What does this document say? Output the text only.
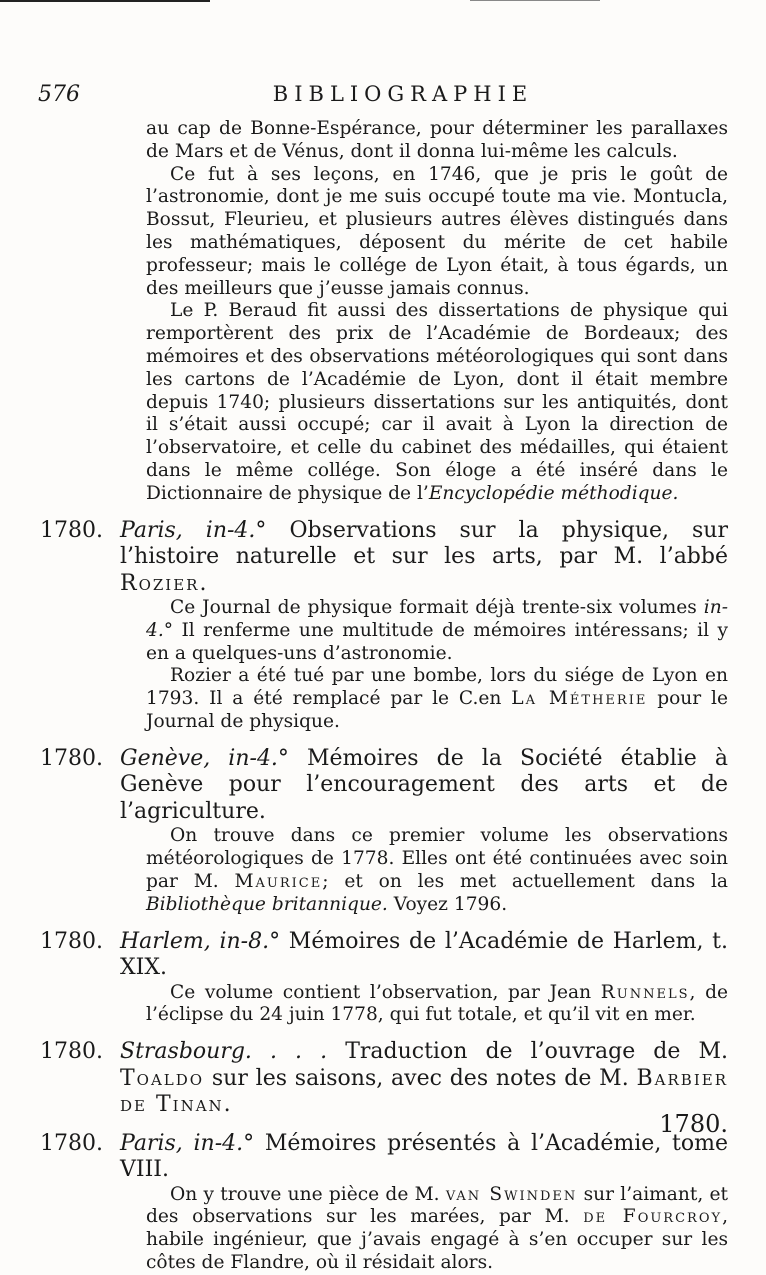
576	BIBLIOGRAPHIE

au cap de Bonne-Espérance, pour déterminer les parallaxes de Mars et de Vénus, dont il donna lui-même les calculs.

Ce fut à ses leçons, en 1746, que je pris le goût de l’astronomie, dont je me suis occupé toute ma vie. Montucla, Bossut, Fleurieu, et plusieurs autres élèves distingués dans les mathématiques, déposent du mérite de cet habile professeur; mais le collége de Lyon était, à tous égards, un des meilleurs que j’eusse jamais connus.

Le P. Beraud fit aussi des dissertations de physique qui remportèrent des prix de l’Académie de Bordeaux; des mémoires et des observations météorologiques qui sont dans les cartons de l’Académie de Lyon, dont il était membre depuis 1740; plusieurs dissertations sur les antiquités, dont il s’était aussi occupé; car il avait à Lyon la direction de l’observatoire, et celle du cabinet des médailles, qui étaient dans le même collége. Son éloge a été inséré dans le Dictionnaire de physique de l’Encyclopédie méthodique.

1780. Paris, in-4.° Observations sur la physique, sur l’histoire naturelle et sur les arts, par M. l’abbé Rozier.

Ce Journal de physique formait déjà trente-six volumes in-4.° Il renferme une multitude de mémoires intéressans; il y en a quelques-uns d’astronomie.

Rozier a été tué par une bombe, lors du siége de Lyon en 1793. Il a été remplacé par le C.en La Métherie pour le Journal de physique.

1780. Genève, in-4.° Mémoires de la Société établie à Genève pour l’encouragement des arts et de l’agriculture.

On trouve dans ce premier volume les observations météorologiques de 1778. Elles ont été continuées avec soin par M. Maurice; et on les met actuellement dans la Bibliothèque britannique. Voyez 1796.

1780. Harlem, in-8.° Mémoires de l’Académie de Harlem, t. XIX.

Ce volume contient l’observation, par Jean Runnels, de l’éclipse du 24 juin 1778, qui fut totale, et qu’il vit en mer.

1780. Strasbourg. . . . Traduction de l’ouvrage de M. Toaldo sur les saisons, avec des notes de M. Barbier de Tinan.
1780. Paris, in-4.° Mémoires présentés à l’Académie, tome VIII.

On y trouve une pièce de M. van Swinden sur l’aimant, et des observations sur les marées, par M. de Fourcroy, habile ingénieur, que j’avais engagé à s’en occuper sur les côtes de Flandre, où il résidait alors.

1780.
